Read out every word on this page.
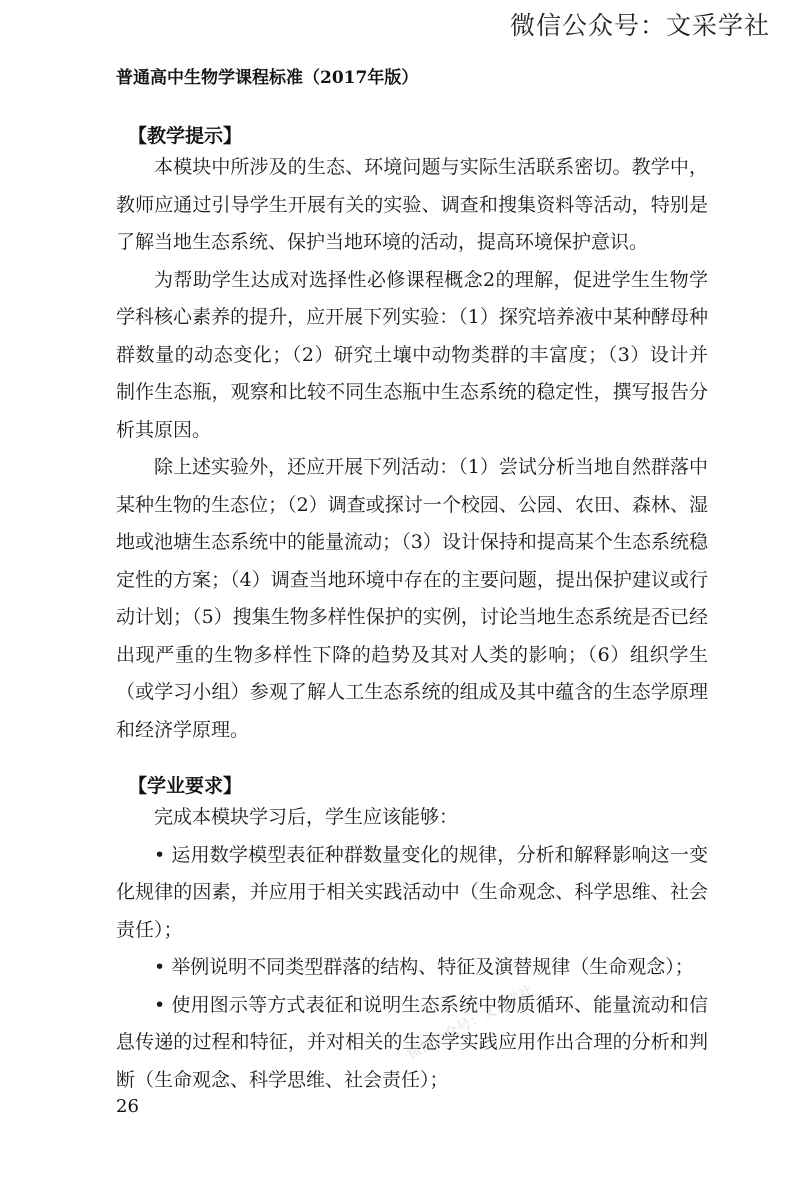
微信公众号：文采学社
普通高中生物学课程标准（2017年版）
【教学提示】

本模块中所涉及的生态、环境问题与实际生活联系密切。教学中，教师应通过引导学生开展有关的实验、调查和搜集资料等活动，特别是了解当地生态系统、保护当地环境的活动，提高环境保护意识。

为帮助学生达成对选择性必修课程概念2的理解，促进学生生物学学科核心素养的提升，应开展下列实验：（1）探究培养液中某种酵母种群数量的动态变化；（2）研究土壤中动物类群的丰富度；（3）设计并制作生态瓶，观察和比较不同生态瓶中生态系统的稳定性，撰写报告分析其原因。

除上述实验外，还应开展下列活动：（1）尝试分析当地自然群落中某种生物的生态位；（2）调查或探讨一个校园、公园、农田、森林、湿地或池塘生态系统中的能量流动；（3）设计保持和提高某个生态系统稳定性的方案；（4）调查当地环境中存在的主要问题，提出保护建议或行动计划；（5）搜集生物多样性保护的实例，讨论当地生态系统是否已经出现严重的生物多样性下降的趋势及其对人类的影响；（6）组织学生（或学习小组）参观了解人工生态系统的组成及其中蕴含的生态学原理和经济学原理。

【学业要求】

完成本模块学习后，学生应该能够：

• 运用数学模型表征种群数量变化的规律，分析和解释影响这一变化规律的因素，并应用于相关实践活动中（生命观念、科学思维、社会责任）；
• 举例说明不同类型群落的结构、特征及演替规律（生命观念）；
• 使用图示等方式表征和说明生态系统中物质循环、能量流动和信息传递的过程和特征，并对相关的生态学实践应用作出合理的分析和判断（生命观念、科学思维、社会责任）；
微信公众号：文采学社
26
